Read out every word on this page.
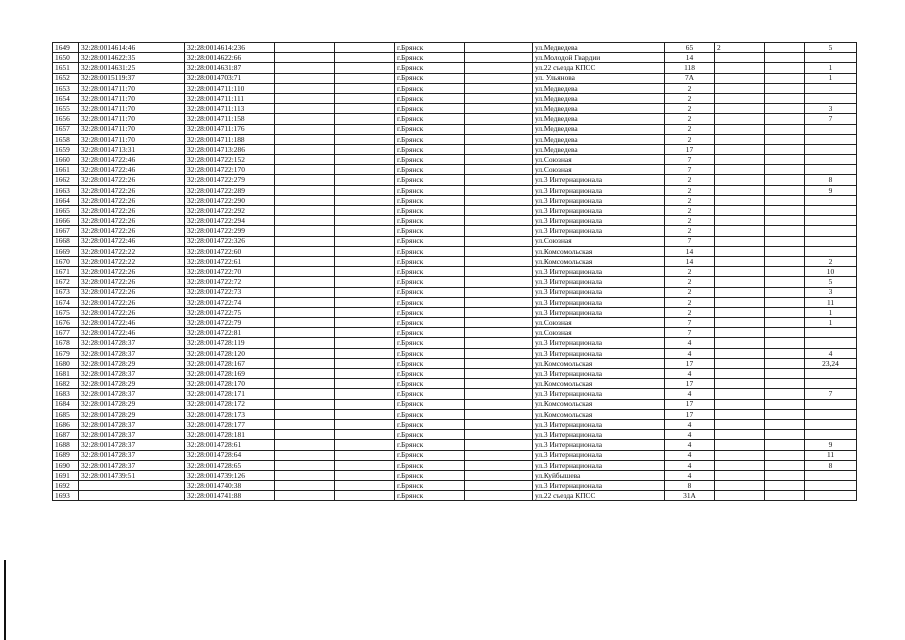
1649	32:28:0014614:46	32:28:0014614:236			г.Брянск		ул.Медведева	65	2		5
1650	32:28:0014622:35	32:28:0014622:66			г.Брянск		ул.Молодой Гвардии	14			
1651	32:28:0014631:25	32:28:0014631:87			г.Брянск		ул.22 съезда КПСС	118			1
1652	32:28:0015119:37	32:28:0014703:71			г.Брянск		ул. Ульянова	7А			1
1653	32:28:0014711:70	32:28:0014711:110			г.Брянск		ул.Медведева	2			
1654	32:28:0014711:70	32:28:0014711:111			г.Брянск		ул.Медведева	2			
1655	32:28:0014711:70	32:28:0014711:113			г.Брянск		ул.Медведева	2			3
1656	32:28:0014711:70	32:28:0014711:158			г.Брянск		ул.Медведева	2			7
1657	32:28:0014711:70	32:28:0014711:176			г.Брянск		ул.Медведева	2			
1658	32:28:0014711:70	32:28:0014711:188			г.Брянск		ул.Медведева	2			
1659	32:28:0014713:31	32:28:0014713:286			г.Брянск		ул.Медведева	17			
1660	32:28:0014722:46	32:28:0014722:152			г.Брянск		ул.Союзная	7			
1661	32:28:0014722:46	32:28:0014722:170			г.Брянск		ул.Союзная	7			
1662	32:28:0014722:26	32:28:0014722:279			г.Брянск		ул.3 Интернационала	2			8
1663	32:28:0014722:26	32:28:0014722:289			г.Брянск		ул.3 Интернационала	2			9
1664	32:28:0014722:26	32:28:0014722:290			г.Брянск		ул.3 Интернационала	2			
1665	32:28:0014722:26	32:28:0014722:292			г.Брянск		ул.3 Интернационала	2			
1666	32:28:0014722:26	32:28:0014722:294			г.Брянск		ул.3 Интернационала	2			
1667	32:28:0014722:26	32:28:0014722:299			г.Брянск		ул.3 Интернационала	2			
1668	32:28:0014722:46	32:28:0014722:326			г.Брянск		ул.Союзная	7			
1669	32:28:0014722:22	32:28:0014722:60			г.Брянск		ул.Комсомольская	14			
1670	32:28:0014722:22	32:28:0014722:61			г.Брянск		ул.Комсомольская	14			2
1671	32:28:0014722:26	32:28:0014722:70			г.Брянск		ул.3 Интернационала	2			10
1672	32:28:0014722:26	32:28:0014722:72			г.Брянск		ул.3 Интернационала	2			5
1673	32:28:0014722:26	32:28:0014722:73			г.Брянск		ул.3 Интернационала	2			3
1674	32:28:0014722:26	32:28:0014722:74			г.Брянск		ул.3 Интернационала	2			11
1675	32:28:0014722:26	32:28:0014722:75			г.Брянск		ул.3 Интернационала	2			1
1676	32:28:0014722:46	32:28:0014722:79			г.Брянск		ул.Союзная	7			1
1677	32:28:0014722:46	32:28:0014722:81			г.Брянск		ул.Союзная	7			
1678	32:28:0014728:37	32:28:0014728:119			г.Брянск		ул.3 Интернационала	4			
1679	32:28:0014728:37	32:28:0014728:120			г.Брянск		ул.3 Интернационала	4			4
1680	32:28:0014728:29	32:28:0014728:167			г.Брянск		ул.Комсомольская	17			23,24
1681	32:28:0014728:37	32:28:0014728:169			г.Брянск		ул.3 Интернационала	4			
1682	32:28:0014728:29	32:28:0014728:170			г.Брянск		ул.Комсомольская	17			
1683	32:28:0014728:37	32:28:0014728:171			г.Брянск		ул.3 Интернационала	4			7
1684	32:28:0014728:29	32:28:0014728:172			г.Брянск		ул.Комсомольская	17			
1685	32:28:0014728:29	32:28:0014728:173			г.Брянск		ул.Комсомольская	17			
1686	32:28:0014728:37	32:28:0014728:177			г.Брянск		ул.3 Интернационала	4			
1687	32:28:0014728:37	32:28:0014728:181			г.Брянск		ул.3 Интернационала	4			
1688	32:28:0014728:37	32:28:0014728:61			г.Брянск		ул.3 Интернационала	4			9
1689	32:28:0014728:37	32:28:0014728:64			г.Брянск		ул.3 Интернационала	4			11
1690	32:28:0014728:37	32:28:0014728:65			г.Брянск		ул.3 Интернационала	4			8
1691	32:28:0014739:51	32:28:0014739:126			г.Брянск		ул.Куйбышева	4			
1692		32:28:0014740:38			г.Брянск		ул.3 Интернационала	8			
1693		32:28:0014741:88			г.Брянск		ул.22 съезда КПСС	31А			
